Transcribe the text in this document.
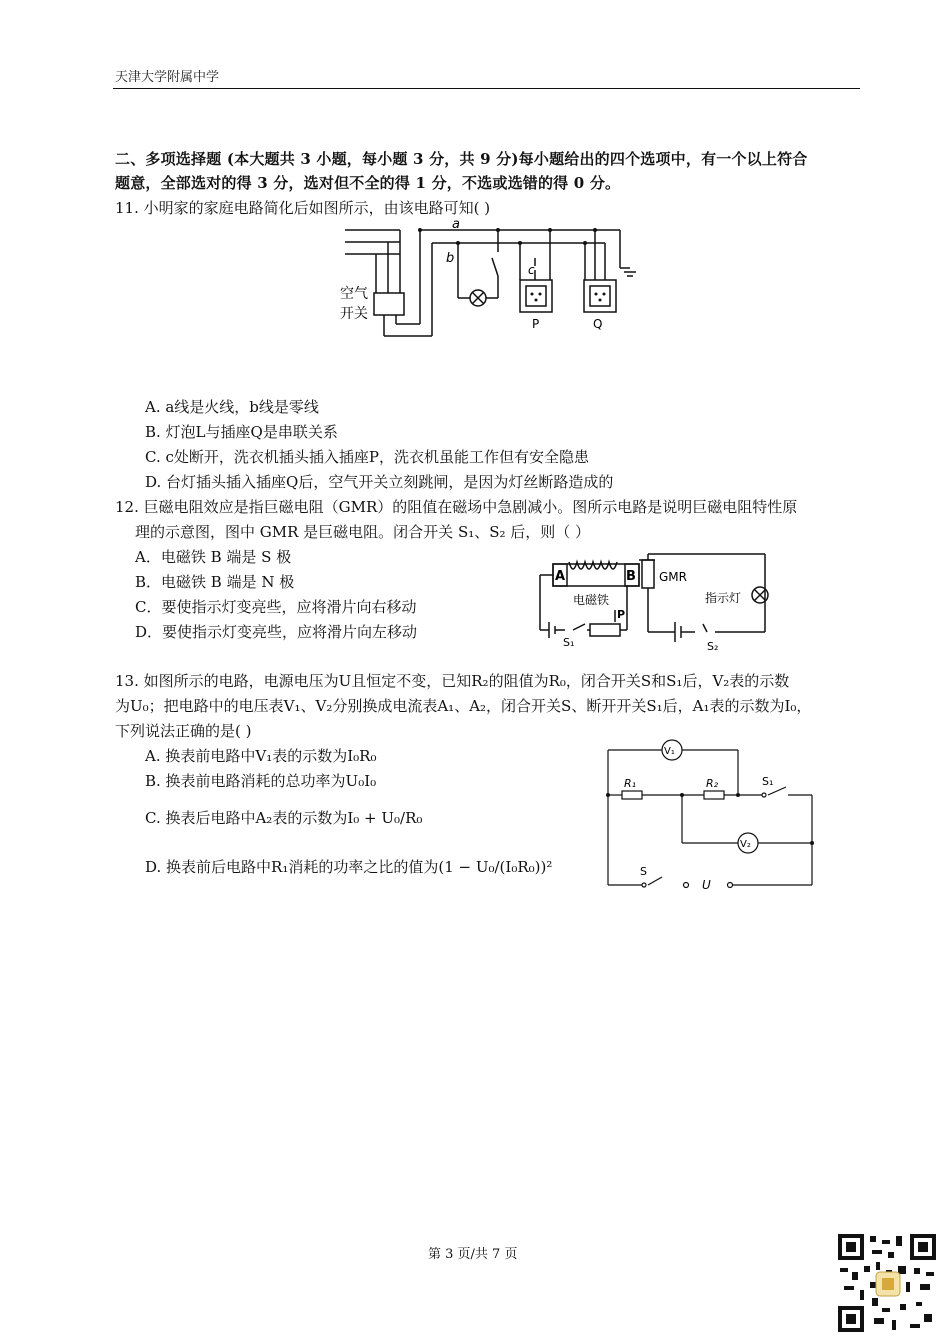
天津大学附属中学
二、多项选择题 (本大题共 3 小题，每小题 3 分，共 9 分)每小题给出的四个选项中，有一个以上符合
题意，全部选对的得 3 分，选对但不全的得 1 分，不选或选错的得 0 分。
11. 小明家的家庭电路简化后如图所示，由该电路可知( )
空气
开关
a
b
c
P	Q
A. a线是火线，b线是零线
B. 灯泡L与插座Q是串联关系
C. c处断开，洗衣机插头插入插座P，洗衣机虽能工作但有安全隐患
D. 台灯插头插入插座Q后，空气开关立刻跳闸，是因为灯丝断路造成的
12. 巨磁电阻效应是指巨磁电阻（GMR）的阻值在磁场中急剧减小。图所示电路是说明巨磁电阻特性原
理的示意图，图中 GMR 是巨磁电阻。闭合开关 S₁、S₂ 后，则（ ）
A．电磁铁 B 端是 S 极
B．电磁铁 B 端是 N 极
C．要使指示灯变亮些，应将滑片向右移动
D．要使指示灯变亮些，应将滑片向左移动
A	B GMR
电磁铁	指示灯
P
S₁	S₂
13. 如图所示的电路，电源电压为U且恒定不变，已知R₂的阻值为R₀，闭合开关S和S₁后，V₂表的示数
为U₀；把电路中的电压表V₁、V₂分别换成电流表A₁、A₂，闭合开关S、断开开关S₁后，A₁表的示数为I₀，
下列说法正确的是( )
A. 换表前电路中V₁表的示数为I₀R₀
B. 换表前电路消耗的总功率为U₀I₀
C. 换表后电路中A₂表的示数为I₀ + U₀/R₀
D. 换表前后电路中R₁消耗的功率之比的值为(1 − U₀/(I₀R₀))²
V₁
V₂
R₁	R₂	S₁
S
U
第 3 页/共 7 页
